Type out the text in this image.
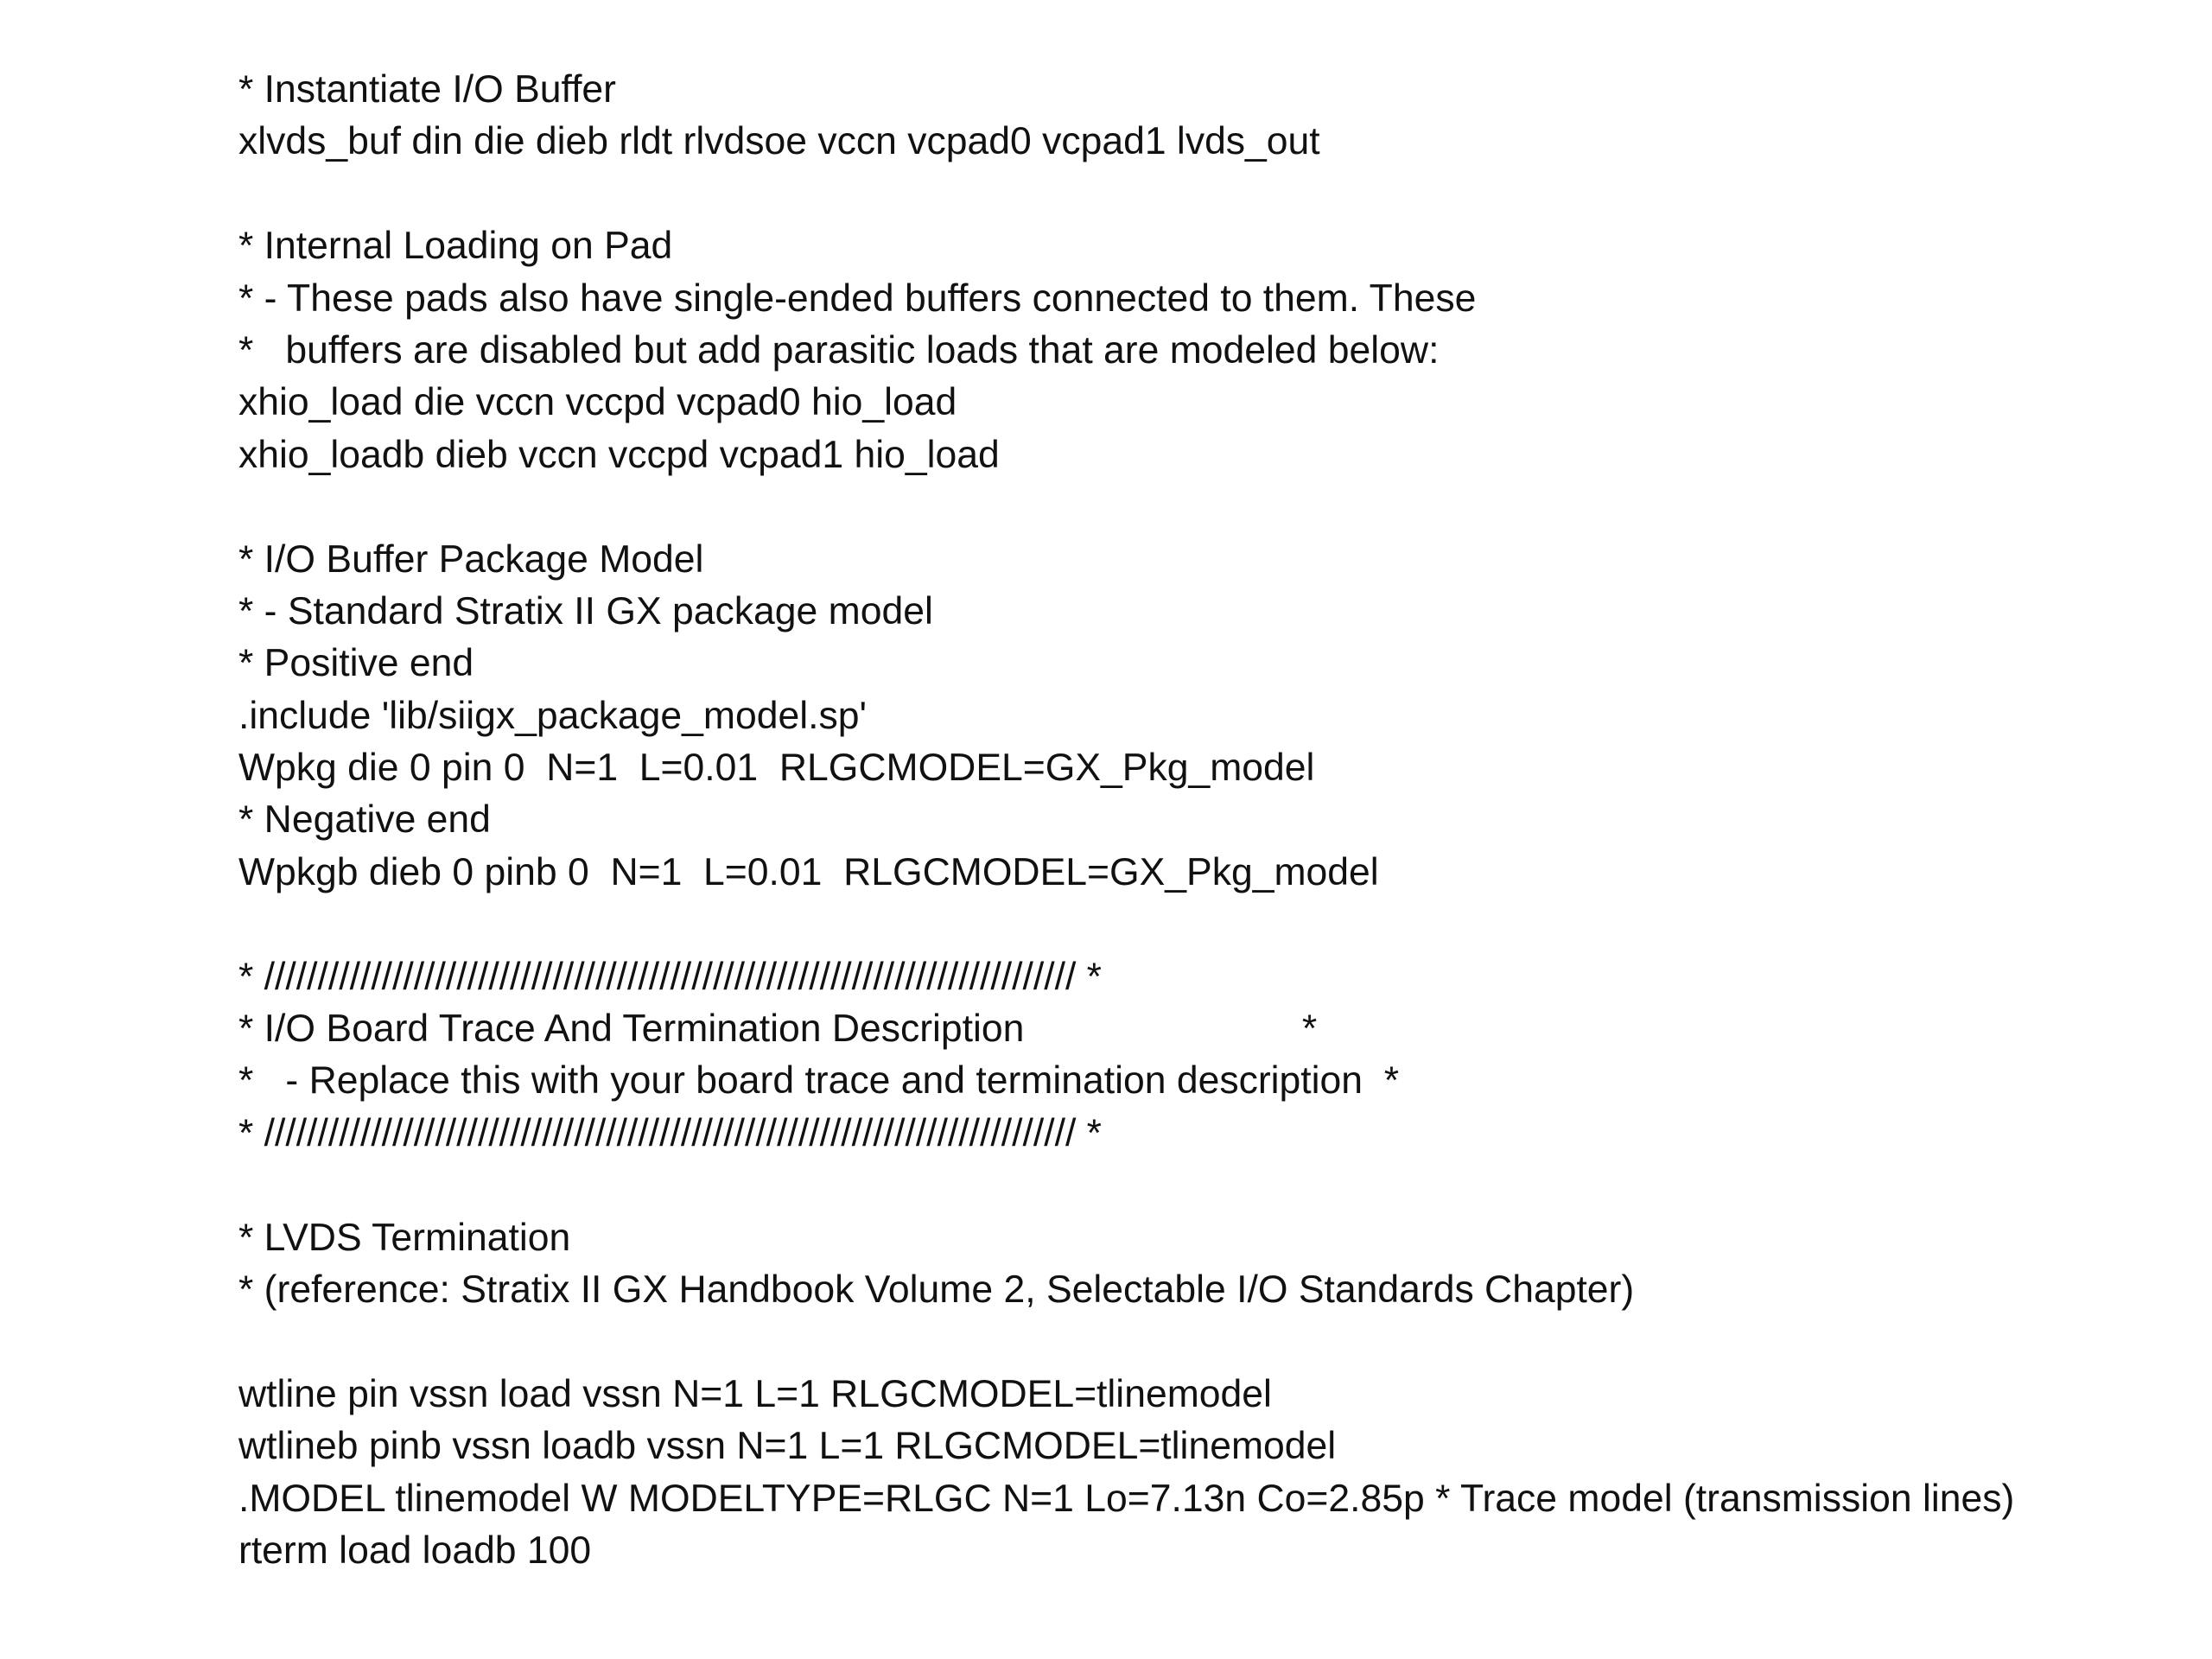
* Instantiate I/O Buffer
xlvds_buf din die dieb rldt rlvdsoe vccn vcpad0 vcpad1 lvds_out
* Internal Loading on Pad
* - These pads also have single-ended buffers connected to them. These
*   buffers are disabled but add parasitic loads that are modeled below:
xhio_load die vccn vccpd vcpad0 hio_load
xhio_loadb dieb vccn vccpd vcpad1 hio_load
* I/O Buffer Package Model
* - Standard Stratix II GX package model
* Positive end
.include 'lib/siigx_package_model.sp'
Wpkg die 0 pin 0  N=1  L=0.01  RLGCMODEL=GX_Pkg_model
* Negative end
Wpkgb dieb 0 pinb 0  N=1  L=0.01  RLGCMODEL=GX_Pkg_model
* //////////////////////////////////////////////////////////////////////////// *
* I/O Board Trace And Termination Description                          *
*   - Replace this with your board trace and termination description  *
* //////////////////////////////////////////////////////////////////////////// *
* LVDS Termination
* (reference: Stratix II GX Handbook Volume 2, Selectable I/O Standards Chapter)
wtline pin vssn load vssn N=1 L=1 RLGCMODEL=tlinemodel
wtlineb pinb vssn loadb vssn N=1 L=1 RLGCMODEL=tlinemodel
.MODEL tlinemodel W MODELTYPE=RLGC N=1 Lo=7.13n Co=2.85p * Trace model (transmission lines)
rterm load loadb 100
